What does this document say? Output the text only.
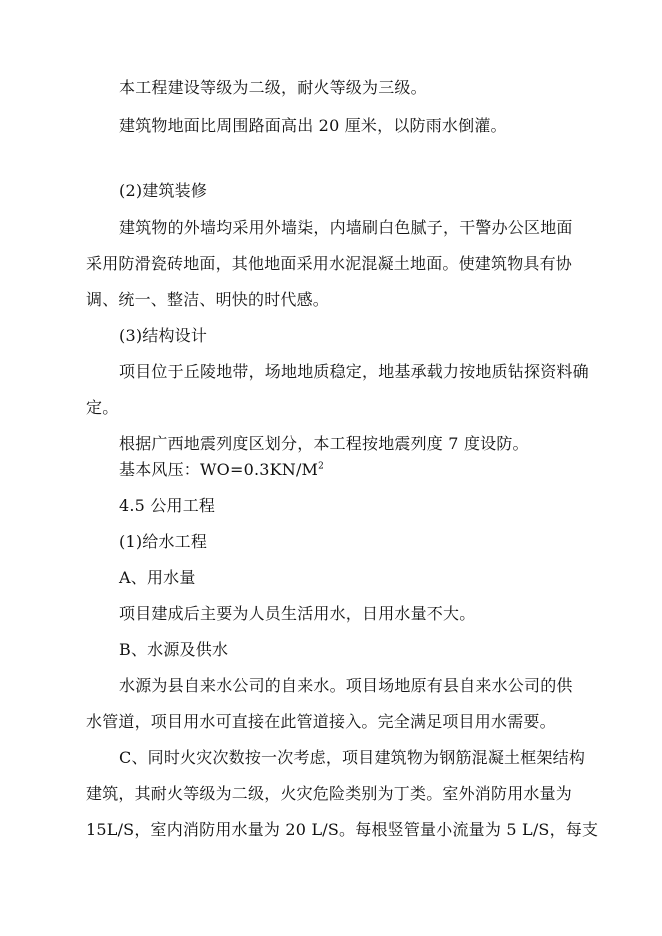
本工程建设等级为二级，耐火等级为三级。
建筑物地面比周围路面高出 20 厘米，以防雨水倒灌。
(2)建筑装修
建筑物的外墙均采用外墙柒，内墙刷白色腻子，干警办公区地面
采用防滑瓷砖地面，其他地面采用水泥混凝土地面。使建筑物具有协
调、统一、整洁、明快的时代感。
(3)结构设计
项目位于丘陵地带，场地地质稳定，地基承载力按地质钻探资料确
定。
根据广西地震列度区划分，本工程按地震列度 7 度设防。
基本风压：$WO=0.3KN/M^2$
4.5 公用工程
(1)给水工程
A、用水量
项目建成后主要为人员生活用水，日用水量不大。
B、水源及供水
水源为县自来水公司的自来水。项目场地原有县自来水公司的供
水管道，项目用水可直接在此管道接入。完全满足项目用水需要。
C、同时火灾次数按一次考虑，项目建筑物为钢筋混凝土框架结构
建筑，其耐火等级为二级，火灾危险类别为丁类。室外消防用水量为
15L/S，室内消防用水量为 20 L/S。每根竖管量小流量为 5 L/S，每支
